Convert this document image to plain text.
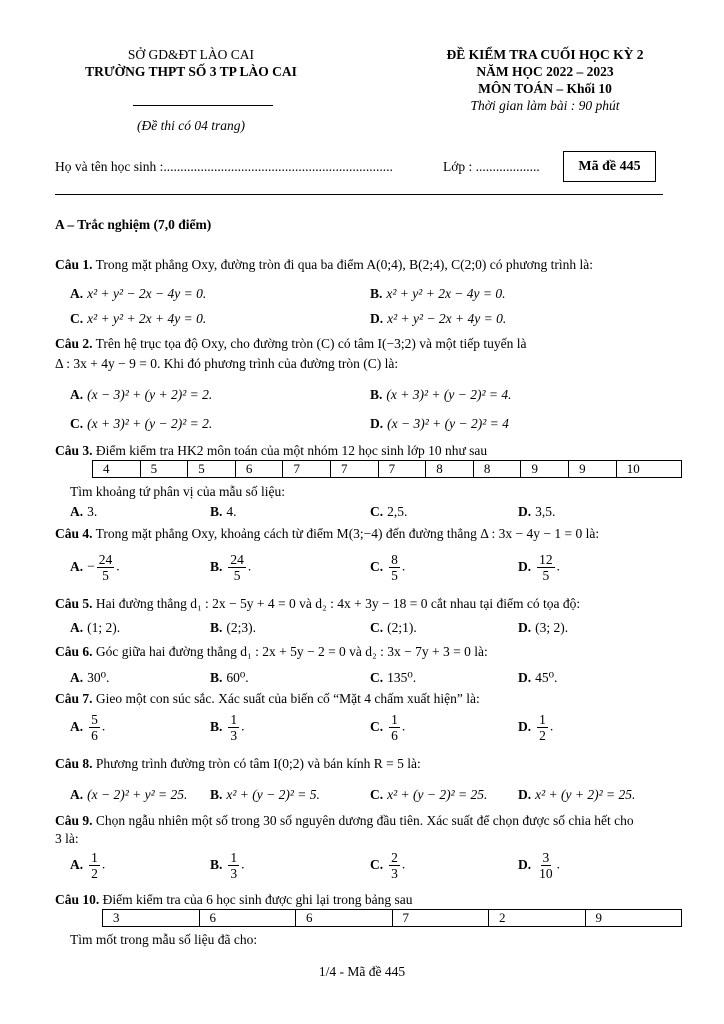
SỞ GD&ĐT LÀO CAI
TRƯỜNG THPT SỐ 3 TP LÀO CAI
(Đề thi có 04 trang)
ĐỀ KIỂM TRA CUỐI HỌC KỲ 2
NĂM HỌC 2022 – 2023
MÔN TOÁN – Khối 10
Thời gian làm bài : 90 phút
Họ và tên học sinh :....................................................................	Lớp : ...................	Mã đề 445
A – Trắc nghiệm (7,0 điểm)
Câu 1. Trong mặt phẳng Oxy, đường tròn đi qua ba điểm A(0;4), B(2;4), C(2;0) có phương trình là:
A. x² + y² − 2x − 4y = 0.	B. x² + y² + 2x − 4y = 0.
C. x² + y² + 2x + 4y = 0.	D. x² + y² − 2x + 4y = 0.
Câu 2. Trên hệ trục tọa độ Oxy, cho đường tròn (C) có tâm I(−3;2) và một tiếp tuyến là
Δ : 3x + 4y − 9 = 0. Khi đó phương trình của đường tròn (C) là:
A. (x − 3)² + (y + 2)² = 2.	B. (x + 3)² + (y − 2)² = 4.
C. (x + 3)² + (y − 2)² = 2.	D. (x − 3)² + (y − 2)² = 4
Câu 3. Điểm kiểm tra HK2 môn toán của một nhóm 12 học sinh lớp 10 như sau
4	5	5	6	7	7	7	8	8	9	9	10
Tìm khoảng tứ phân vị của mẫu số liệu:
A. 3.	B. 4.	C. 2,5.	D. 3,5.
Câu 4. Trong mặt phẳng Oxy, khoảng cách từ điểm M(3;−4) đến đường thẳng Δ : 3x − 4y − 1 = 0 là:
A. − $\frac{24}{5}$ .	B. $\frac{24}{5}$ .	C. $\frac{8}{5}$ .	D. $\frac{12}{5}$ .
Câu 5. Hai đường thẳng d₁ : 2x − 5y + 4 = 0 và d₂ : 4x + 3y − 18 = 0 cắt nhau tại điểm có tọa độ:
A. (1; 2).	B. (2;3).	C. (2;1).	D. (3; 2).
Câu 6. Góc giữa hai đường thẳng d₁ : 2x + 5y − 2 = 0 và d₂ : 3x − 7y + 3 = 0 là:
A. 30⁰.	B. 60⁰.	C. 135⁰.	D. 45⁰.
Câu 7. Gieo một con súc sắc. Xác suất của biến cố “Mặt 4 chấm xuất hiện” là:
A. $\frac{5}{6}$ .	B. $\frac{1}{3}$ .	C. $\frac{1}{6}$ .	D. $\frac{1}{2}$ .
Câu 8. Phương trình đường tròn có tâm I(0;2) và bán kính R = 5 là:
A. (x − 2)² + y² = 25. B. x² + (y − 2)² = 5.	C. x² + (y − 2)² = 25. D. x² + (y + 2)² = 25.
Câu 9. Chọn ngẫu nhiên một số trong 30 số nguyên dương đầu tiên. Xác suất để chọn được số chia hết cho
3 là:
A. $\frac{1}{2}$ .	B. $\frac{1}{3}$ .	C. $\frac{2}{3}$ .	D. $\frac{3}{10}$ .
Câu 10. Điểm kiểm tra của 6 học sinh được ghi lại trong bảng sau
3	6	6	7	2	9
Tìm mốt trong mẫu số liệu đã cho:
1/4 - Mã đề 445
